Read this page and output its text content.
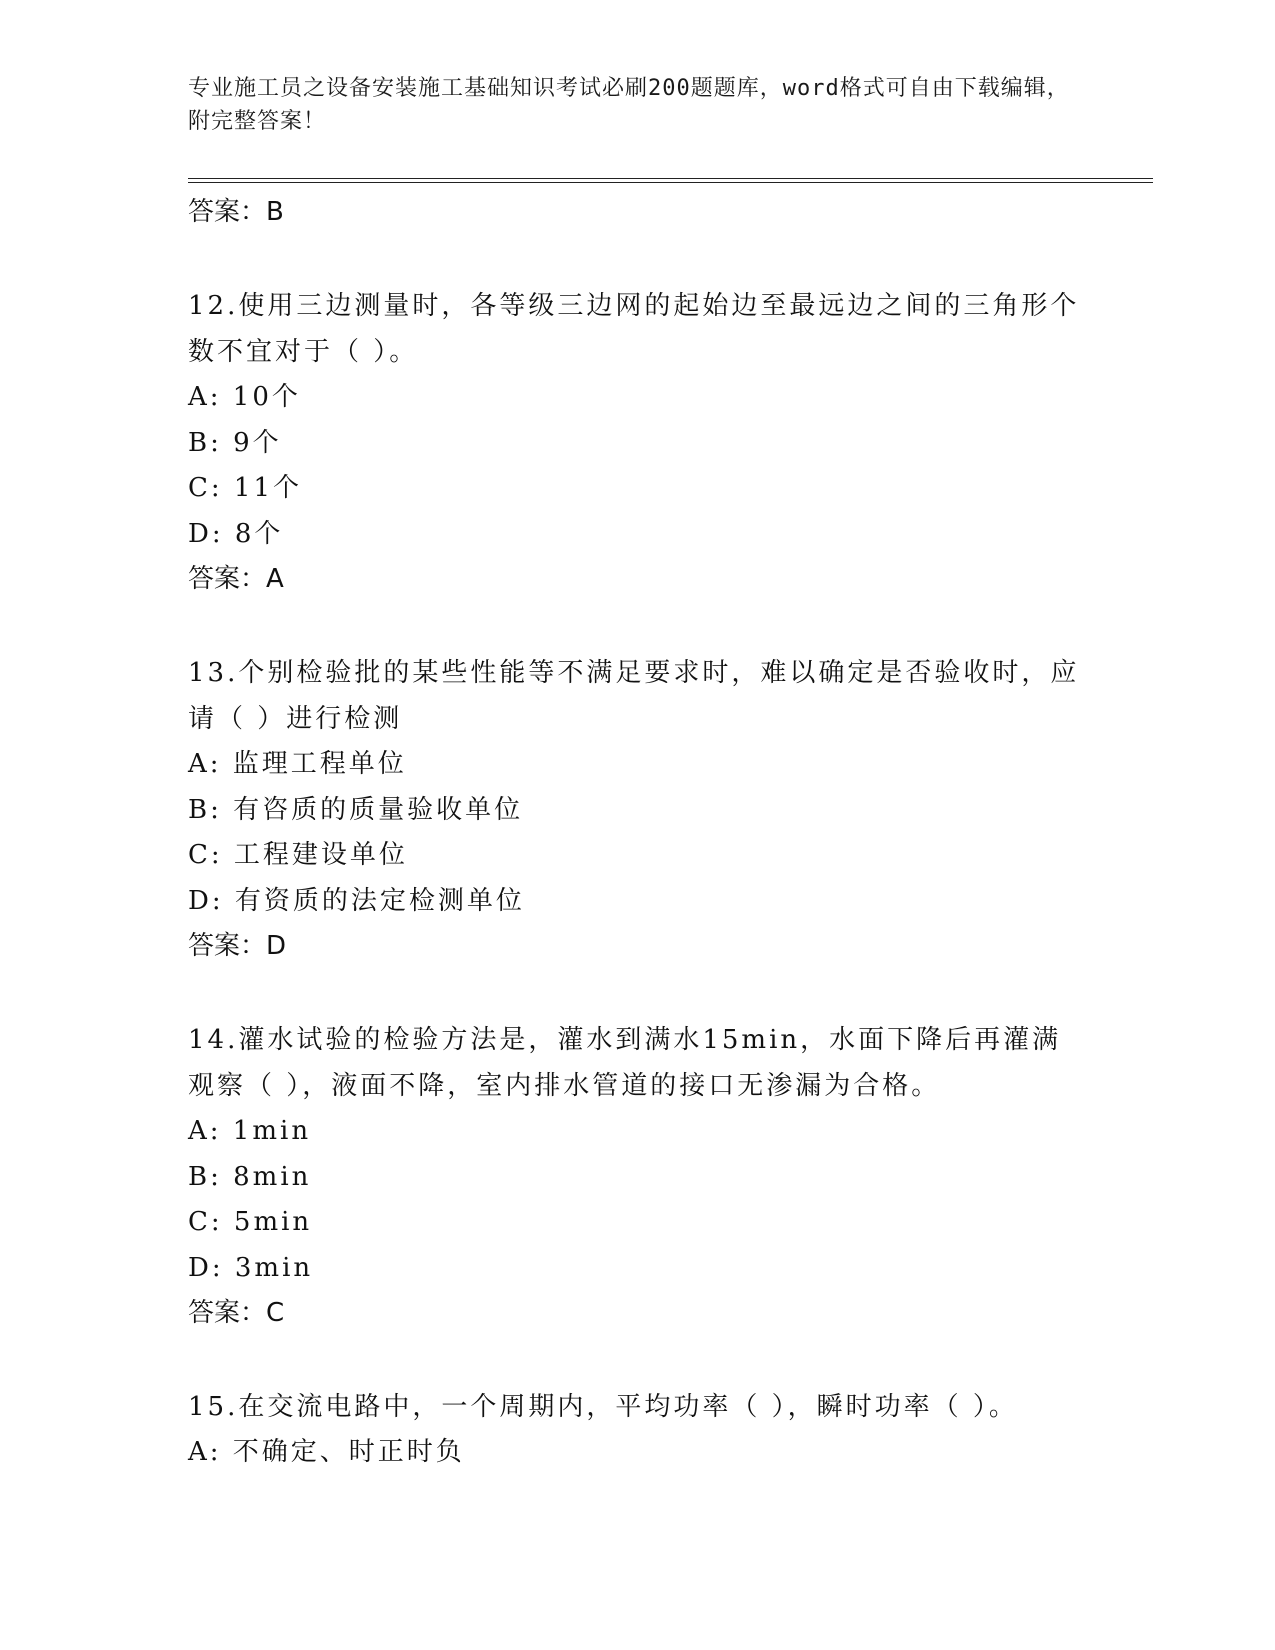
专业施工员之设备安装施工基础知识考试必刷200题题库，word格式可自由下载编辑，附完整答案！

答案：B

12.使用三边测量时，各等级三边网的起始边至最远边之间的三角形个数不宜对于（ ）。

A: 10个

B: 9个

C: 11个

D: 8个

答案：A

13.个别检验批的某些性能等不满足要求时，难以确定是否验收时，应请（ ）进行检测

A: 监理工程单位

B: 有咨质的质量验收单位

C: 工程建设单位

D: 有资质的法定检测单位

答案：D

14.灌水试验的检验方法是，灌水到满水15min，水面下降后再灌满观察（ ），液面不降，室内排水管道的接口无渗漏为合格。

A: 1min

B: 8min

C: 5min

D: 3min

答案：C

15.在交流电路中，一个周期内，平均功率（ ），瞬时功率（ ）。

A: 不确定、时正时负
